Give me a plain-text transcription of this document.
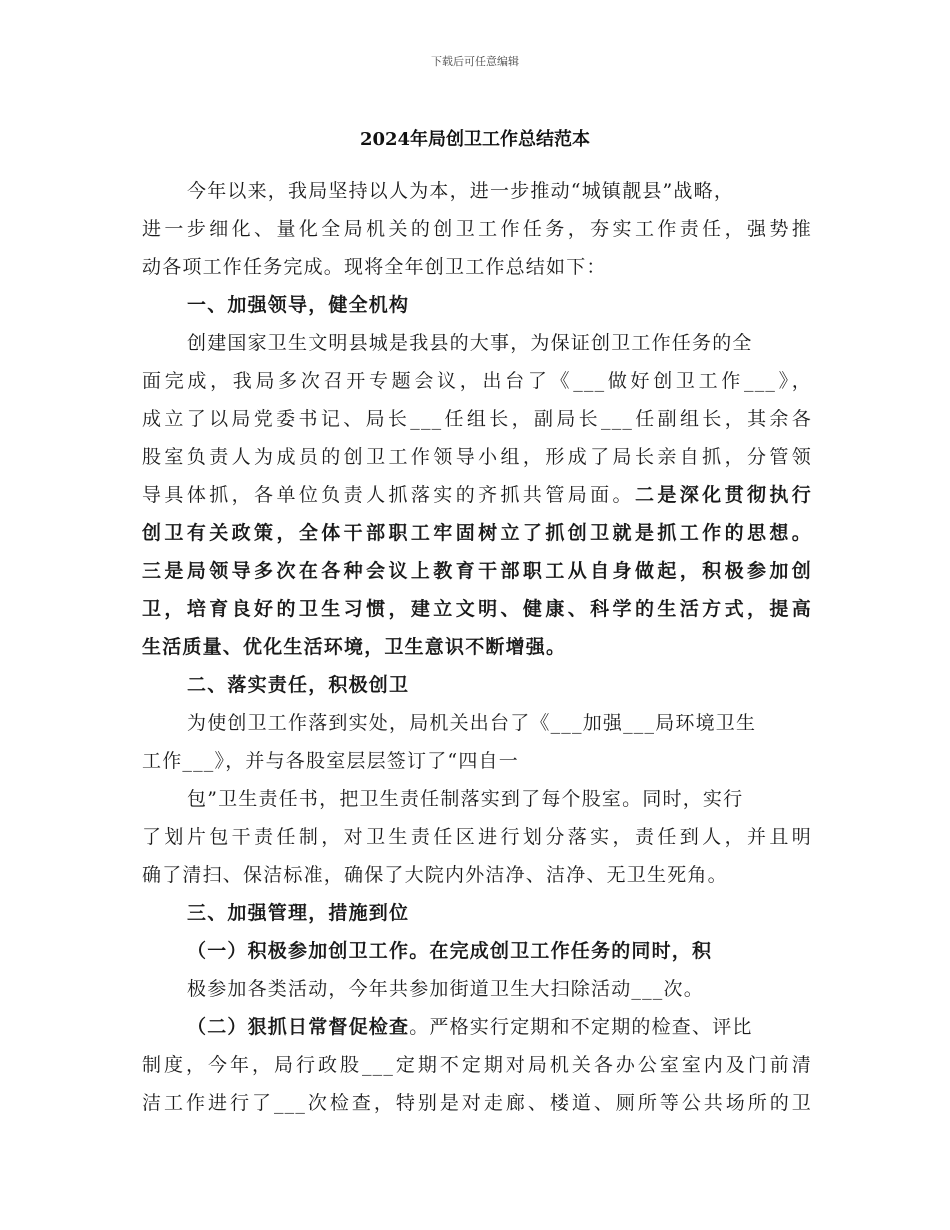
下载后可任意编辑
2024年局创卫工作总结范本
今年以来，我局坚持以人为本，进一步推动“城镇靓县”战略，
进一步细化、量化全局机关的创卫工作任务，夯实工作责任，强势推
动各项工作任务完成。现将全年创卫工作总结如下：
一、加强领导，健全机构
创建国家卫生文明县城是我县的大事，为保证创卫工作任务的全
面完成，我局多次召开专题会议，出台了《___做好创卫工作___》，
成立了以局党委书记、局长___任组长，副局长___任副组长，其余各
股室负责人为成员的创卫工作领导小组，形成了局长亲自抓，分管领
导具体抓，各单位负责人抓落实的齐抓共管局面。二是深化贯彻执行
创卫有关政策，全体干部职工牢固树立了抓创卫就是抓工作的思想。
三是局领导多次在各种会议上教育干部职工从自身做起，积极参加创
卫，培育良好的卫生习惯，建立文明、健康、科学的生活方式，提高
生活质量、优化生活环境，卫生意识不断增强。
二、落实责任，积极创卫
为使创卫工作落到实处，局机关出台了《___加强___局环境卫生
工作___》，并与各股室层层签订了“四自一
包”卫生责任书，把卫生责任制落实到了每个股室。同时，实行
了划片包干责任制，对卫生责任区进行划分落实，责任到人，并且明
确了清扫、保洁标准，确保了大院内外洁净、洁净、无卫生死角。
三、加强管理，措施到位
（一）积极参加创卫工作。在完成创卫工作任务的同时，积
极参加各类活动，今年共参加街道卫生大扫除活动___次。
（二）狠抓日常督促检查。严格实行定期和不定期的检查、评比
制度，今年，局行政股___定期不定期对局机关各办公室室内及门前清
洁工作进行了___次检查，特别是对走廊、楼道、厕所等公共场所的卫
